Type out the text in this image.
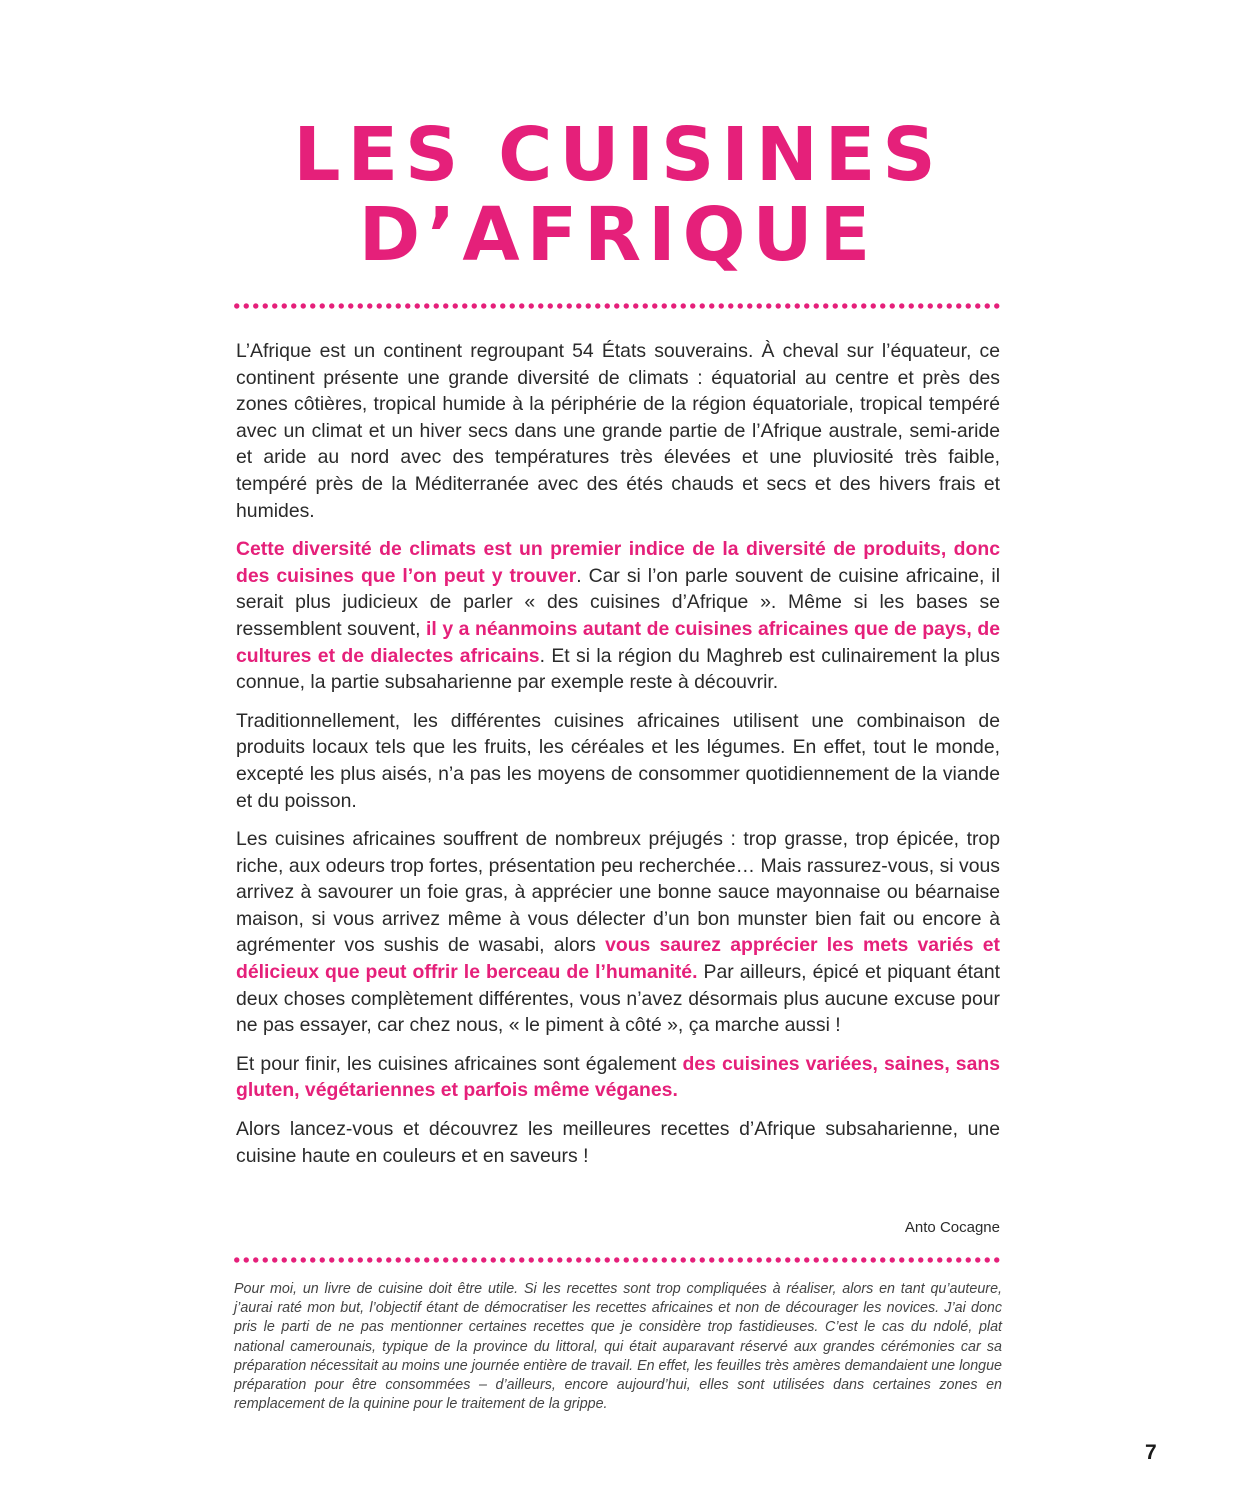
LES CUISINES
D’AFRIQUE

L’Afrique est un continent regroupant 54 États souverains. À cheval sur l’équateur, ce continent présente une grande diversité de climats : équatorial au centre et près des zones côtières, tropical humide à la périphérie de la région équatoriale, tropical tempéré avec un climat et un hiver secs dans une grande partie de l’Afrique australe, semi-aride et aride au nord avec des températures très élevées et une pluviosité très faible, tempéré près de la Méditerranée avec des étés chauds et secs et des hivers frais et humides.

Cette diversité de climats est un premier indice de la diversité de produits, donc des cuisines que l’on peut y trouver. Car si l’on parle souvent de cuisine africaine, il serait plus judicieux de parler « des cuisines d’Afrique ». Même si les bases se ressemblent souvent, il y a néanmoins autant de cuisines africaines que de pays, de cultures et de dialectes africains. Et si la région du Maghreb est culinairement la plus connue, la partie subsaharienne par exemple reste à découvrir.

Traditionnellement, les différentes cuisines africaines utilisent une combinaison de produits locaux tels que les fruits, les céréales et les légumes. En effet, tout le monde, excepté les plus aisés, n’a pas les moyens de consommer quotidiennement de la viande et du poisson.

Les cuisines africaines souffrent de nombreux préjugés : trop grasse, trop épicée, trop riche, aux odeurs trop fortes, présentation peu recherchée… Mais rassurez-vous, si vous arrivez à savourer un foie gras, à apprécier une bonne sauce mayonnaise ou béarnaise maison, si vous arrivez même à vous délecter d’un bon munster bien fait ou encore à agrémenter vos sushis de wasabi, alors vous saurez apprécier les mets variés et délicieux que peut offrir le berceau de l’humanité. Par ailleurs, épicé et piquant étant deux choses complètement différentes, vous n’avez désormais plus aucune excuse pour ne pas essayer, car chez nous, « le piment à côté », ça marche aussi !

Et pour finir, les cuisines africaines sont également des cuisines variées, saines, sans gluten, végétariennes et parfois même véganes.

Alors lancez-vous et découvrez les meilleures recettes d’Afrique subsaharienne, une cuisine haute en couleurs et en saveurs !

Anto Cocagne

Pour moi, un livre de cuisine doit être utile. Si les recettes sont trop compliquées à réaliser, alors en tant qu’auteure, j’aurai raté mon but, l’objectif étant de démocratiser les recettes africaines et non de décourager les novices. J’ai donc pris le parti de ne pas mentionner certaines recettes que je considère trop fastidieuses. C’est le cas du ndolé, plat national camerounais, typique de la province du littoral, qui était auparavant réservé aux grandes cérémonies car sa préparation nécessitait au moins une journée entière de travail. En effet, les feuilles très amères demandaient une longue préparation pour être consommées – d’ailleurs, encore aujourd’hui, elles sont utilisées dans certaines zones en remplacement de la quinine pour le traitement de la grippe.

7
